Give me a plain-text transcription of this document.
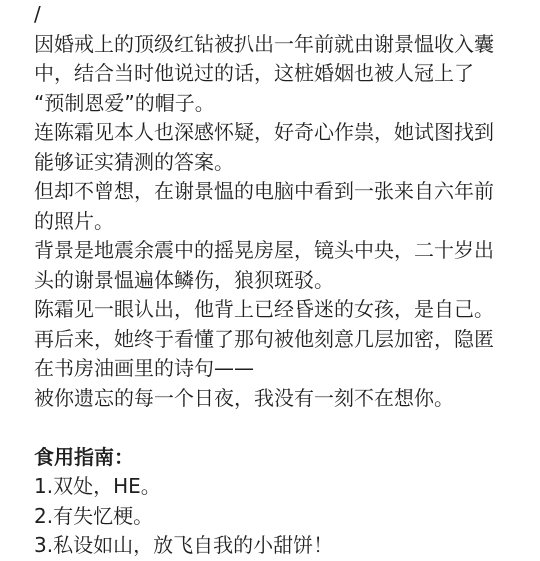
/
因婚戒上的顶级红钻被扒出一年前就由谢景愠收入囊
中，结合当时他说过的话，这桩婚姻也被人冠上了
“预制恩爱”的帽子。
连陈霜见本人也深感怀疑，好奇心作祟，她试图找到
能够证实猜测的答案。
但却不曾想，在谢景愠的电脑中看到一张来自六年前
的照片。
背景是地震余震中的摇晃房屋，镜头中央，二十岁出
头的谢景愠遍体鳞伤，狼狈斑驳。
陈霜见一眼认出，他背上已经昏迷的女孩，是自己。
再后来，她终于看懂了那句被他刻意几层加密，隐匿
在书房油画里的诗句——
被你遗忘的每一个日夜，我没有一刻不在想你。
食用指南：
1.双处，HE。
2.有失忆梗。
3.私设如山，放飞自我的小甜饼！
